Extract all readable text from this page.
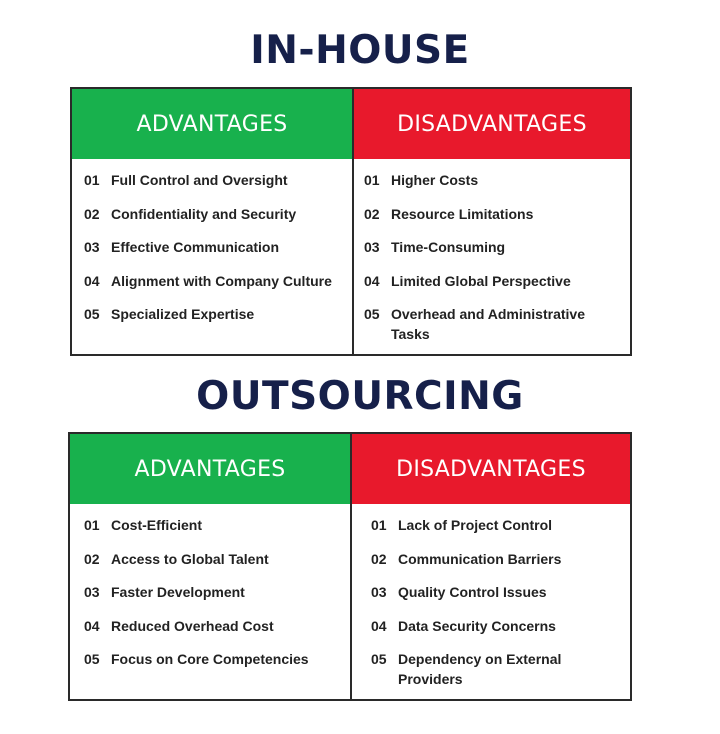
IN-HOUSE
ADVANTAGES
01 Full Control and Oversight
02 Confidentiality and Security
03 Effective Communication
04 Alignment with Company Culture
05 Specialized Expertise
DISADVANTAGES
01 Higher Costs
02 Resource Limitations
03 Time-Consuming
04 Limited Global Perspective
05 Overhead and Administrative Tasks
OUTSOURCING
ADVANTAGES
01 Cost-Efficient
02 Access to Global Talent
03 Faster Development
04 Reduced Overhead Cost
05 Focus on Core Competencies
DISADVANTAGES
01 Lack of Project Control
02 Communication Barriers
03 Quality Control Issues
04 Data Security Concerns
05 Dependency on External Providers
